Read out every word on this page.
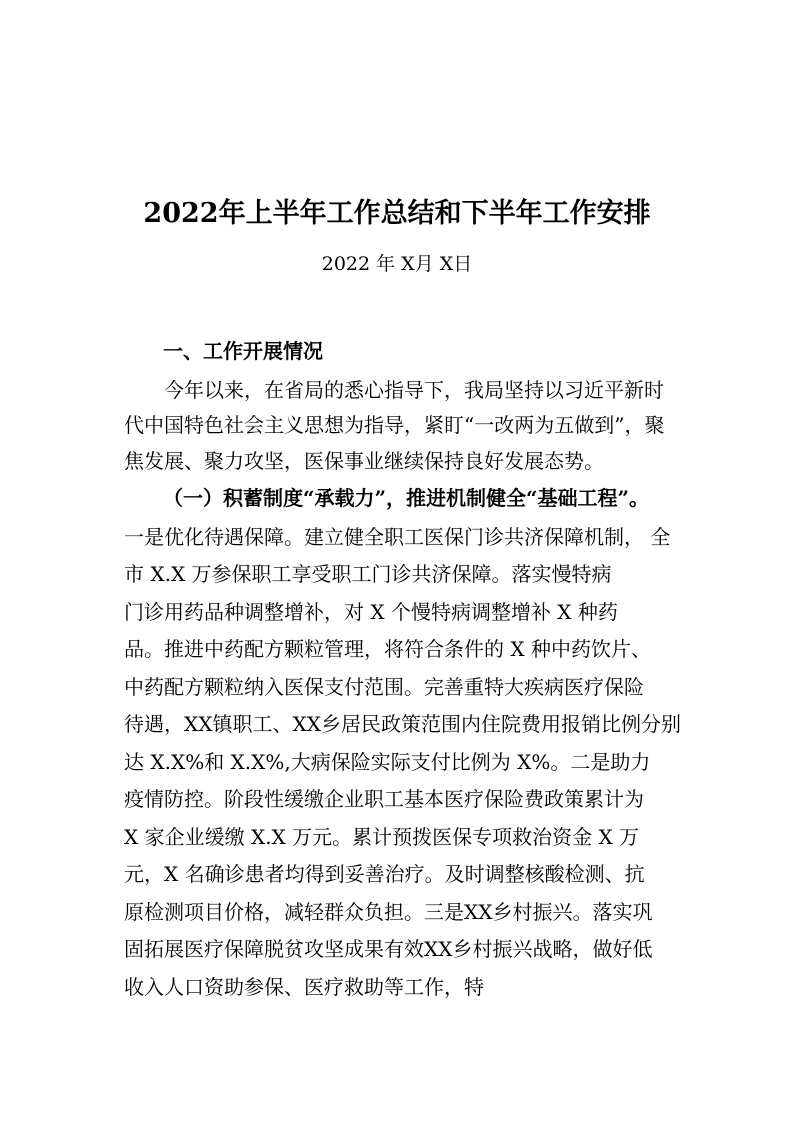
2022年上半年工作总结和下半年工作安排
2022 年 X月 X日
一、工作开展情况
　　今年以来，在省局的悉心指导下，我局坚持以习近平新时
代中国特色社会主义思想为指导，紧盯“一改两为五做到”，聚
焦发展、聚力攻坚，医保事业继续保持良好发展态势。
（一）积蓄制度“承载力”，推进机制健全“基础工程”。
一是优化待遇保障。建立健全职工医保门诊共济保障机制， 全
市 X.X 万参保职工享受职工门诊共济保障。落实慢特病
门诊用药品种调整增补，对 X 个慢特病调整增补 X 种药
品。推进中药配方颗粒管理，将符合条件的 X 种中药饮片、
中药配方颗粒纳入医保支付范围。完善重特大疾病医疗保险
待遇，XX镇职工、XX乡居民政策范围内住院费用报销比例分别
达 X.X%和 X.X%,大病保险实际支付比例为 X%。二是助力
疫情防控。阶段性缓缴企业职工基本医疗保险费政策累计为
X 家企业缓缴 X.X 万元。累计预拨医保专项救治资金 X 万
元，X 名确诊患者均得到妥善治疗。及时调整核酸检测、抗
原检测项目价格，减轻群众负担。三是XX乡村振兴。落实巩
固拓展医疗保障脱贫攻坚成果有效XX乡村振兴战略，做好低
收入人口资助参保、医疗救助等工作，特
